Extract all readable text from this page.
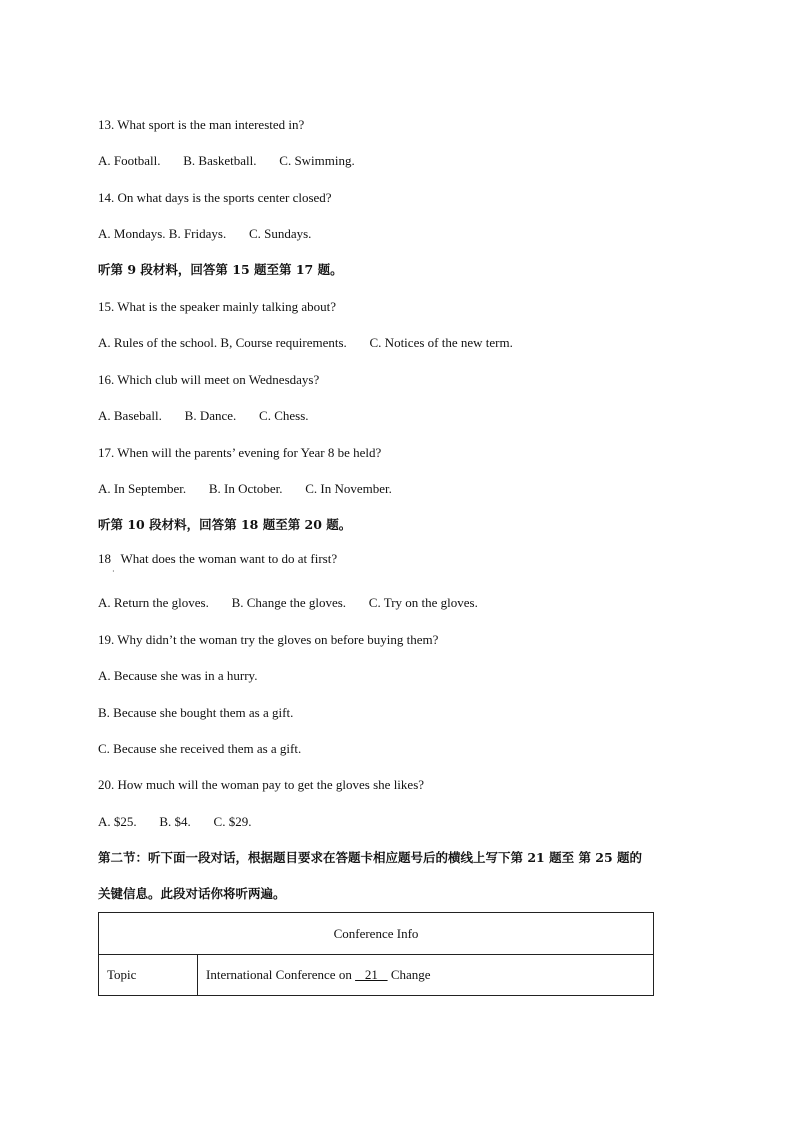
13. What sport is the man interested in?
A. Football.       B. Basketball.       C. Swimming.
14. On what days is the sports center closed?
A. Mondays. B. Fridays.       C. Sundays.
听第 9 段材料，回答第 15 题至第 17 题。
15. What is the speaker mainly talking about?
A. Rules of the school. B, Course requirements.       C. Notices of the new term.
16. Which club will meet on Wednesdays?
A. Baseball.       B. Dance.       C. Chess.
17. When will the parents’ evening for Year 8 be held?
A. In September.       B. In October.       C. In November.
听第 10 段材料，回答第 18 题至第 20 题。
18   What does the woman want to do at first?
·
A. Return the gloves.       B. Change the gloves.       C. Try on the gloves.
19. Why didn’t the woman try the gloves on before buying them?
A. Because she was in a hurry.
B. Because she bought them as a gift.
C. Because she received them as a gift.
20. How much will the woman pay to get the gloves she likes?
A. $25.       B. $4.       C. $29.
第二节：听下面一段对话，根据题目要求在答题卡相应题号后的横线上写下第 21 题至 第 25 题的
关键信息。此段对话你将听两遍。
Conference Info
Topic	International Conference on    21    Change
